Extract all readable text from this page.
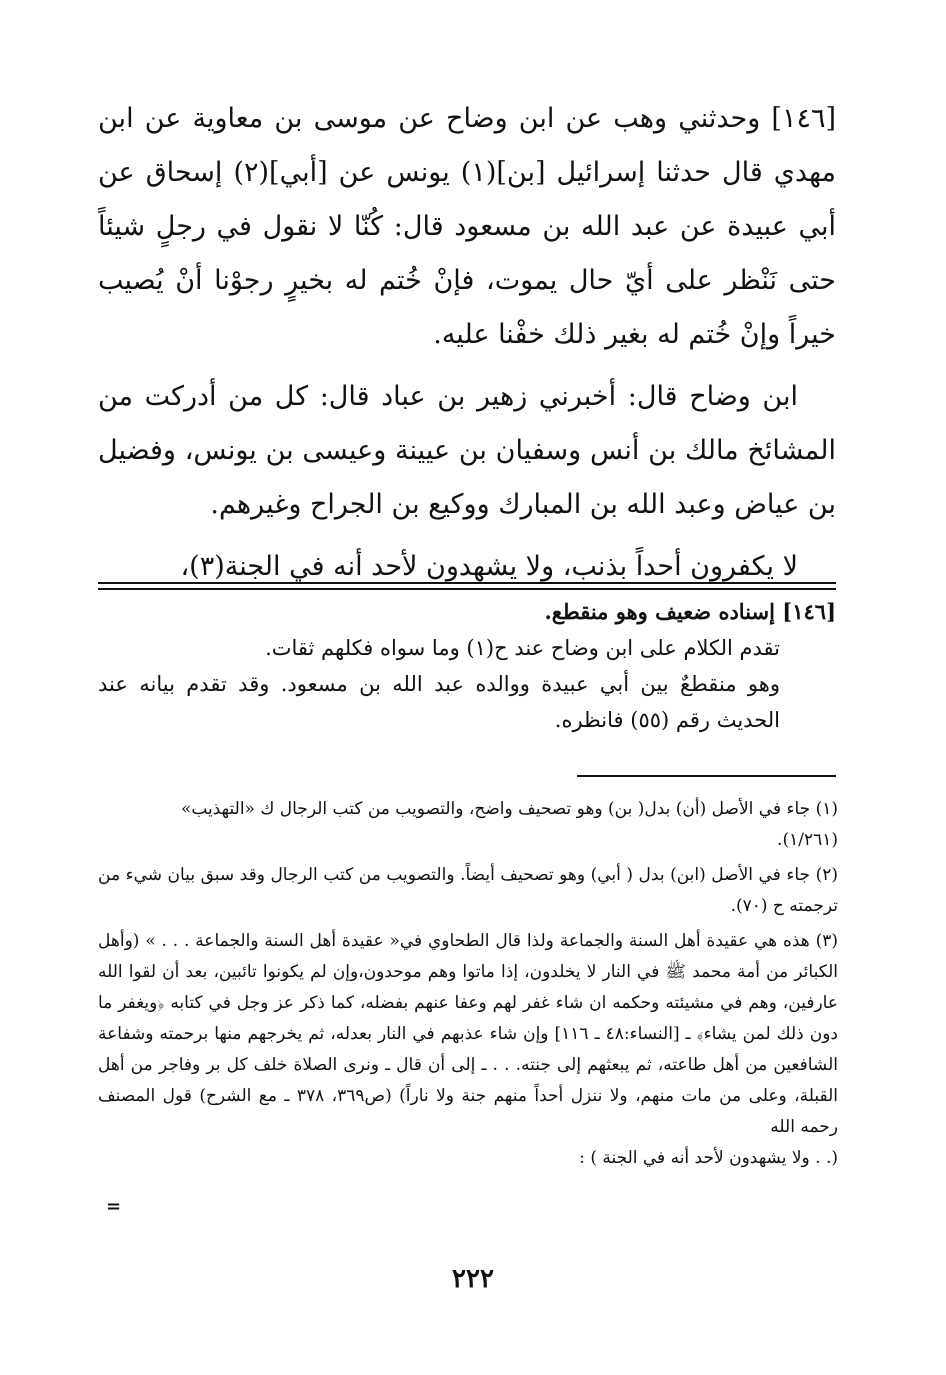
[١٤٦] وحدثني وهب عن ابن وضاح عن موسى بن معاوية عن ابن مهدي قال حدثنا إسرائيل [بن](١) يونس عن [أبي](٢) إسحاق عن أبي عبيدة عن عبد الله بن مسعود قال: كُنّا لا نقول في رجلٍ شيئاً حتى نَنْظر على أيّ حال يموت، فإنْ خُتم له بخيرٍ رجوْنا أنْ يُصيب خيراً وإنْ خُتم له بغير ذلك خفْنا عليه.

ابن وضاح قال: أخبرني زهير بن عباد قال: كل من أدركت من المشائخ مالك بن أنس وسفيان بن عيينة وعيسى بن يونس، وفضيل بن عياض وعبد الله بن المبارك ووكيع بن الجراح وغيرهم.

لا يكفرون أحداً بذنب، ولا يشهدون لأحد أنه في الجنة(٣)،

[١٤٦] إسناده ضعيف وهو منقطع.

تقدم الكلام على ابن وضاح عند ح(١) وما سواه فكلهم ثقات.

وهو منقطعٌ بين أبي عبيدة ووالده عبد الله بن مسعود. وقد تقدم بيانه عند الحديث رقم (٥٥) فانظره.

(١) جاء في الأصل (أن) بدل( بن) وهو تصحيف واضح، والتصويب من كتب الرجال ك «التهذيب»
(١/٢٦١).

(٢) جاء في الأصل (ابن) بدل ( أبي) وهو تصحيف أيضاً. والتصويب من كتب الرجال وقد سبق بيان شيء من ترجمته ح (٧٠).

(٣) هذه هي عقيدة أهل السنة والجماعة ولذا قال الطحاوي في« عقيدة أهل السنة والجماعة . . . » (وأهل الكبائر من أمة محمد ﷺ في النار لا يخلدون، إذا ماتوا وهم موحدون،وإن لم يكونوا تائبين، بعد أن لقوا الله عارفين، وهم في مشيئته وحكمه ان شاء غفر لهم وعفا عنهم بفضله، كما ذكر عز وجل في كتابه ﴿ويغفر ما دون ذلك لمن يشاء﴾ ـ [النساء:٤٨ ـ ١١٦] وإن شاء عذبهم في النار بعدله، ثم يخرجهم منها برحمته وشفاعة الشافعين من أهل طاعته، ثم يبعثهم إلى جنته. . . ـ إلى أن قال ـ ونرى الصلاة خلف كل بر وفاجر من أهل القبلة، وعلى من مات منهم، ولا ننزل أحداً منهم جنة ولا ناراً) (ص٣٦٩، ٣٧٨ ـ مع الشرح) قول المصنف رحمه الله
(. . ولا يشهدون لأحد أنه في الجنة ) :

=
٢٢٢
